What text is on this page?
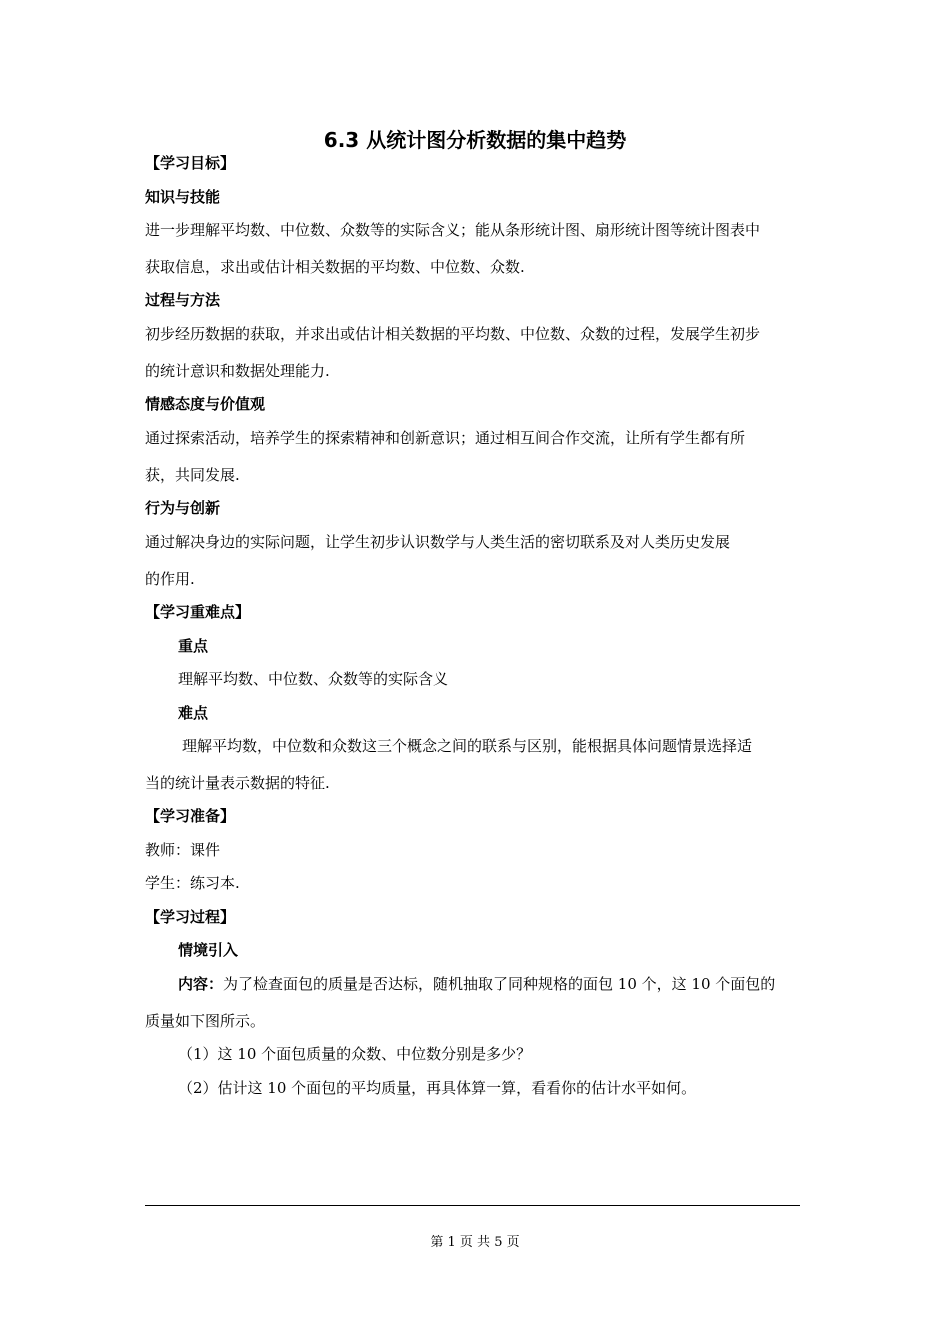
6.3 从统计图分析数据的集中趋势
【学习目标】
知识与技能
进一步理解平均数、中位数、众数等的实际含义；能从条形统计图、扇形统计图等统计图表中
获取信息，求出或估计相关数据的平均数、中位数、众数.
过程与方法
初步经历数据的获取，并求出或估计相关数据的平均数、中位数、众数的过程，发展学生初步
的统计意识和数据处理能力.
情感态度与价值观
通过探索活动，培养学生的探索精神和创新意识；通过相互间合作交流，让所有学生都有所
获，共同发展.
行为与创新
通过解决身边的实际问题，让学生初步认识数学与人类生活的密切联系及对人类历史发展
的作用.
【学习重难点】
重点
理解平均数、中位数、众数等的实际含义
难点
理解平均数，中位数和众数这三个概念之间的联系与区别，能根据具体问题情景选择适
当的统计量表示数据的特征.
【学习准备】
教师：课件
学生：练习本.
【学习过程】
情境引入
内容：为了检查面包的质量是否达标，随机抽取了同种规格的面包 10 个，这 10 个面包的
质量如下图所示。
（1）这 10 个面包质量的众数、中位数分别是多少？
（2）估计这 10 个面包的平均质量，再具体算一算，看看你的估计水平如何。
第 1 页 共 5 页
